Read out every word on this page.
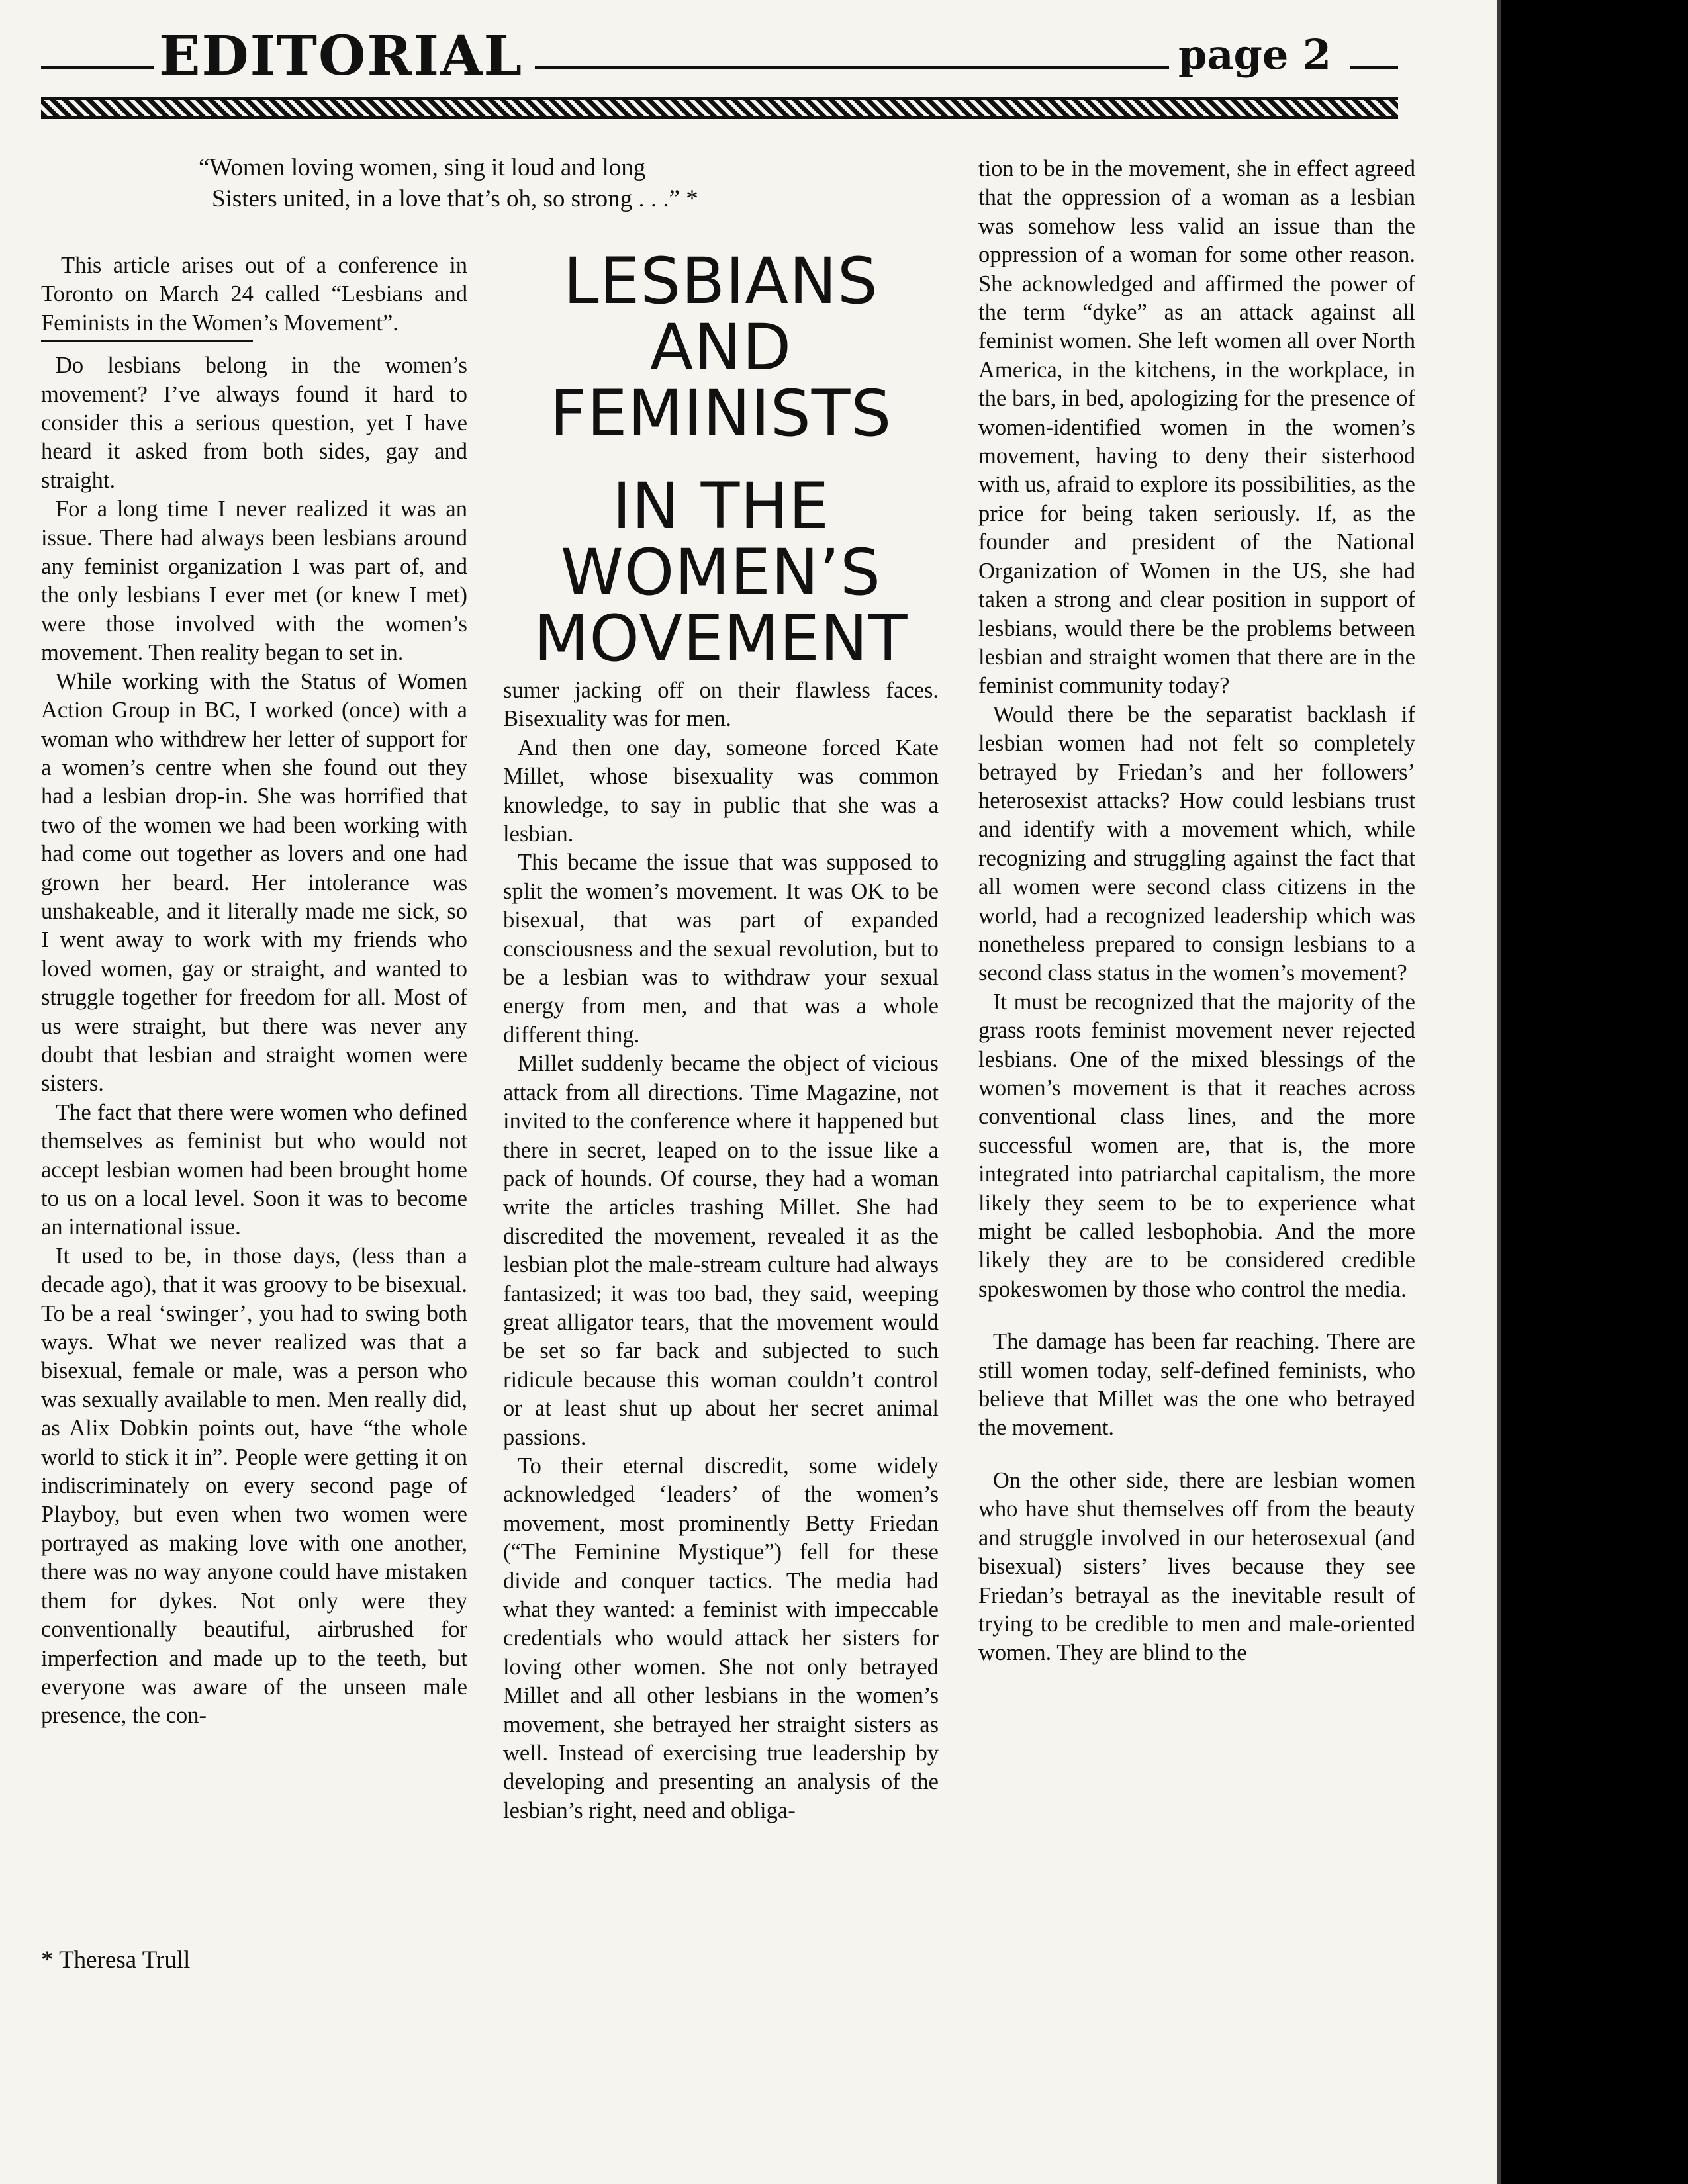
EDITORIAL	page 2
“Women loving women, sing it loud and long
Sisters united, in a love that’s oh, so strong . . .” *

This article arises out of a conference in Toronto on March 24 called “Lesbians and Feminists in the Women’s Movement”.

Do lesbians belong in the women’s movement? I’ve always found it hard to consider this a serious question, yet I have heard it asked from both sides, gay and straight.

For a long time I never realized it was an issue. There had always been lesbians around any feminist organization I was part of, and the only lesbians I ever met (or knew I met) were those involved with the women’s movement. Then reality began to set in.

While working with the Status of Women Action Group in BC, I worked (once) with a woman who withdrew her letter of support for a women’s centre when she found out they had a lesbian drop-in. She was horrified that two of the women we had been working with had come out together as lovers and one had grown her beard. Her intolerance was unshakeable, and it literally made me sick, so I went away to work with my friends who loved women, gay or straight, and wanted to struggle together for freedom for all. Most of us were straight, but there was never any doubt that lesbian and straight women were sisters.

The fact that there were women who defined themselves as feminist but who would not accept lesbian women had been brought home to us on a local level. Soon it was to become an international issue.

It used to be, in those days, (less than a decade ago), that it was groovy to be bisexual. To be a real ‘swinger’, you had to swing both ways. What we never realized was that a bisexual, female or male, was a person who was sexually available to men. Men really did, as Alix Dobkin points out, have “the whole world to stick it in”. People were getting it on indiscriminately on every second page of Playboy, but even when two women were portrayed as making love with one another, there was no way anyone could have mistaken them for dykes. Not only were they conventionally beautiful, airbrushed for imperfection and made up to the teeth, but everyone was aware of the unseen male presence, the con-

* Theresa Trull
LESBIANS
AND
FEMINISTS
IN THE
WOMEN’S
MOVEMENT

sumer jacking off on their flawless faces. Bisexuality was for men.

And then one day, someone forced Kate Millet, whose bisexuality was common knowledge, to say in public that she was a lesbian.

This became the issue that was supposed to split the women’s movement. It was OK to be bisexual, that was part of expanded consciousness and the sexual revolution, but to be a lesbian was to withdraw your sexual energy from men, and that was a whole different thing.

Millet suddenly became the object of vicious attack from all directions. Time Magazine, not invited to the conference where it happened but there in secret, leaped on to the issue like a pack of hounds. Of course, they had a woman write the articles trashing Millet. She had discredited the movement, revealed it as the lesbian plot the male-stream culture had always fantasized; it was too bad, they said, weeping great alligator tears, that the movement would be set so far back and subjected to such ridicule because this woman couldn’t control or at least shut up about her secret animal passions.

To their eternal discredit, some widely acknowledged ‘leaders’ of the women’s movement, most prominently Betty Friedan (“The Feminine Mystique”) fell for these divide and conquer tactics. The media had what they wanted: a feminist with impeccable credentials who would attack her sisters for loving other women. She not only betrayed Millet and all other lesbians in the women’s movement, she betrayed her straight sisters as well. Instead of exercising true leadership by developing and presenting an analysis of the lesbian’s right, need and obliga-

tion to be in the movement, she in effect agreed that the oppression of a woman as a lesbian was somehow less valid an issue than the oppression of a woman for some other reason. She acknowledged and affirmed the power of the term “dyke” as an attack against all feminist women. She left women all over North America, in the kitchens, in the workplace, in the bars, in bed, apologizing for the presence of women-identified women in the women’s movement, having to deny their sisterhood with us, afraid to explore its possibilities, as the price for being taken seriously. If, as the founder and president of the National Organization of Women in the US, she had taken a strong and clear position in support of lesbians, would there be the problems between lesbian and straight women that there are in the feminist community today?

Would there be the separatist backlash if lesbian women had not felt so completely betrayed by Friedan’s and her followers’ heterosexist attacks? How could lesbians trust and identify with a movement which, while recognizing and struggling against the fact that all women were second class citizens in the world, had a recognized leadership which was nonetheless prepared to consign lesbians to a second class status in the women’s movement?

It must be recognized that the majority of the grass roots feminist movement never rejected lesbians. One of the mixed blessings of the women’s movement is that it reaches across conventional class lines, and the more successful women are, that is, the more integrated into patriarchal capitalism, the more likely they seem to be to experience what might be called lesbophobia. And the more likely they are to be considered credible spokeswomen by those who control the media.

The damage has been far reaching. There are still women today, self-defined feminists, who believe that Millet was the one who betrayed the movement.

On the other side, there are lesbian women who have shut themselves off from the beauty and struggle involved in our heterosexual (and bisexual) sisters’ lives because they see Friedan’s betrayal as the inevitable result of trying to be credible to men and male-oriented women. They are blind to the
